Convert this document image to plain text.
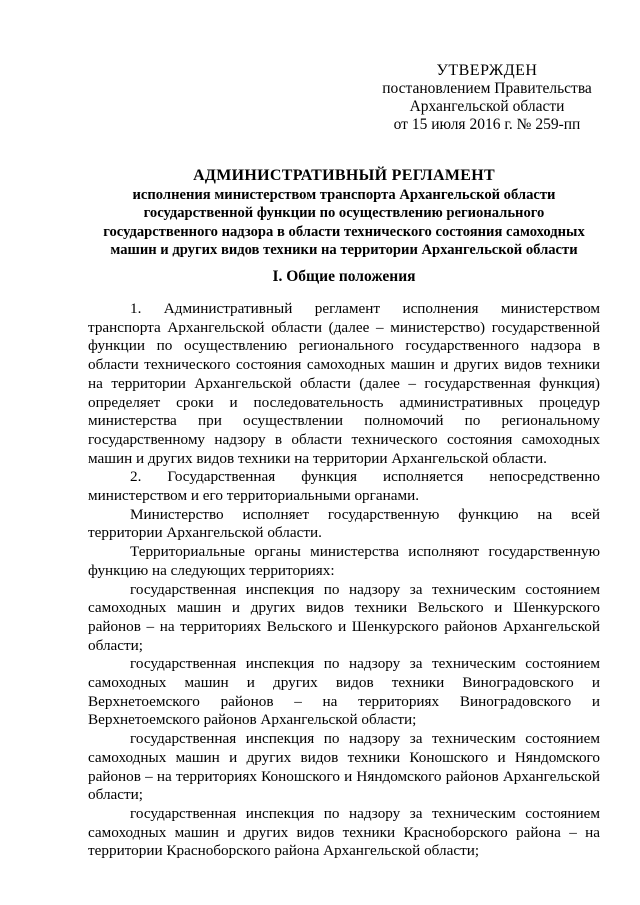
УТВЕРЖДЕН
постановлением Правительства
Архангельской области
от 15 июля 2016 г. № 259-пп
АДМИНИСТРАТИВНЫЙ РЕГЛАМЕНТ
исполнения министерством транспорта Архангельской области государственной функции по осуществлению регионального государственного надзора в области технического состояния самоходных машин и других видов техники на территории Архангельской области
I. Общие положения

1. Административный регламент исполнения министерством транспорта Архангельской области (далее – министерство) государственной функции по осуществлению регионального государственного надзора в области технического состояния самоходных машин и других видов техники на территории Архангельской области (далее – государственная функция) определяет сроки и последовательность административных процедур министерства при осуществлении полномочий по региональному государственному надзору в области технического состояния самоходных машин и других видов техники на территории Архангельской области.

2. Государственная функция исполняется непосредственно министерством и его территориальными органами.

Министерство исполняет государственную функцию на всей территории Архангельской области.

Территориальные органы министерства исполняют государственную функцию на следующих территориях:

государственная инспекция по надзору за техническим состоянием самоходных машин и других видов техники Вельского и Шенкурского районов – на территориях Вельского и Шенкурского районов Архангельской области;

государственная инспекция по надзору за техническим состоянием самоходных машин и других видов техники Виноградовского и Верхнетоемского районов – на территориях Виноградовского и Верхнетоемского районов Архангельской области;

государственная инспекция по надзору за техническим состоянием самоходных машин и других видов техники Коношского и Няндомского районов – на территориях Коношского и Няндомского районов Архангельской области;

государственная инспекция по надзору за техническим состоянием самоходных машин и других видов техники Красноборского района – на территории Красноборского района Архангельской области;
